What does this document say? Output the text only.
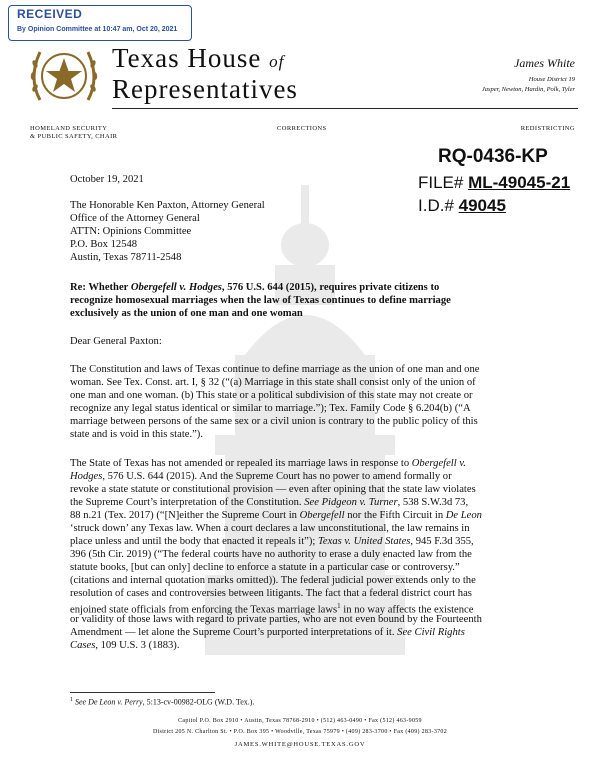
RECEIVED
By Opinion Committee at 10:47 am, Oct 20, 2021
Texas House of
Representatives
James White
House District 19
Jasper, Newton, Hardin, Polk, Tyler
HOMELAND SECURITY
& PUBLIC SAFETY, CHAIR
CORRECTIONS	REDISTRICTING
RQ-0436-KP
FILE# ML-49045-21
I.D.# 49045
October 19, 2021
The Honorable Ken Paxton, Attorney General
Office of the Attorney General
ATTN: Opinions Committee
P.O. Box 12548
Austin, Texas 78711-2548
Re: Whether Obergefell v. Hodges, 576 U.S. 644 (2015), requires private citizens to
recognize homosexual marriages when the law of Texas continues to define marriage
exclusively as the union of one man and one woman
Dear General Paxton:
The Constitution and laws of Texas continue to define marriage as the union of one man and one
woman. See Tex. Const. art. I, § 32 (“(a) Marriage in this state shall consist only of the union of
one man and one woman. (b) This state or a political subdivision of this state may not create or
recognize any legal status identical or similar to marriage.”); Tex. Family Code § 6.204(b) (“A
marriage between persons of the same sex or a civil union is contrary to the public policy of this
state and is void in this state.”).
The State of Texas has not amended or repealed its marriage laws in response to Obergefell v.
Hodges, 576 U.S. 644 (2015). And the Supreme Court has no power to amend formally or
revoke a state statute or constitutional provision — even after opining that the state law violates
the Supreme Court’s interpretation of the Constitution. See Pidgeon v. Turner, 538 S.W.3d 73,
88 n.21 (Tex. 2017) (“[N]either the Supreme Court in Obergefell nor the Fifth Circuit in De Leon
‘struck down’ any Texas law. When a court declares a law unconstitutional, the law remains in
place unless and until the body that enacted it repeals it”); Texas v. United States, 945 F.3d 355,
396 (5th Cir. 2019) (“The federal courts have no authority to erase a duly enacted law from the
statute books, [but can only] decline to enforce a statute in a particular case or controversy.”
(citations and internal quotation marks omitted)). The federal judicial power extends only to the
resolution of cases and controversies between litigants. The fact that a federal district court has
enjoined state officials from enforcing the Texas marriage laws$^1$ in no way affects the existence
or validity of those laws with regard to private parties, who are not even bound by the Fourteenth
Amendment — let alone the Supreme Court’s purported interpretations of it. See Civil Rights
Cases, 109 U.S. 3 (1883).
$^1$ See De Leon v. Perry, 5:13-cv-00982-OLG (W.D. Tex.).
Capitol P.O. Box 2910 • Austin, Texas 78768-2910 • (512) 463-0490 • Fax (512) 463-9059
District 205 N. Charlton St. • P.O. Box 395 • Woodville, Texas 75979 • (409) 283-3700 • Fax (409) 283-3702
JAMES.WHITE@HOUSE.TEXAS.GOV
